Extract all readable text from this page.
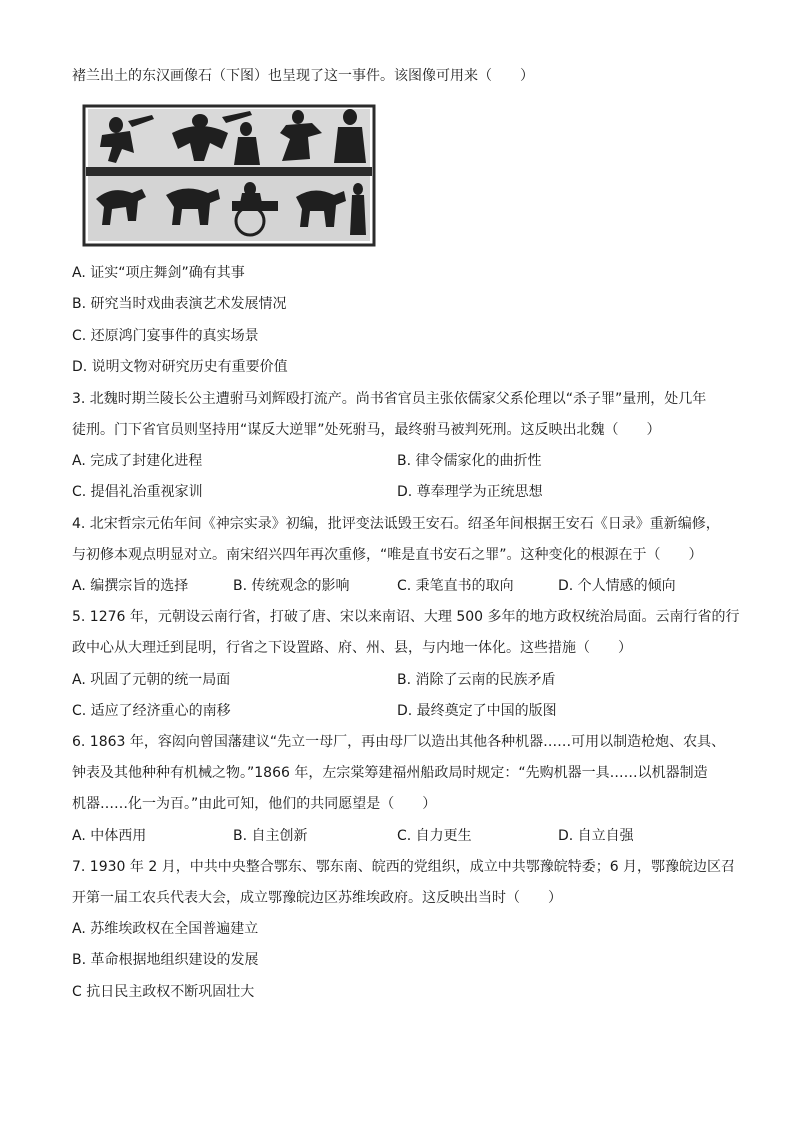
褚兰出土的东汉画像石（下图）也呈现了这一事件。该图像可用来（　　）
A. 证实“项庄舞剑”确有其事
B. 研究当时戏曲表演艺术发展情况
C. 还原鸿门宴事件的真实场景
D. 说明文物对研究历史有重要价值
3. 北魏时期兰陵长公主遭驸马刘辉殴打流产。尚书省官员主张依儒家父系伦理以“杀子罪”量刑，处几年
徒刑。门下省官员则坚持用“谋反大逆罪”处死驸马，最终驸马被判死刑。这反映出北魏（　　）
A. 完成了封建化进程	B. 律令儒家化的曲折性
C. 提倡礼治重视家训	D. 尊奉理学为正统思想
4. 北宋哲宗元佑年间《神宗实录》初编，批评变法诋毁王安石。绍圣年间根据王安石《日录》重新编修，
与初修本观点明显对立。南宋绍兴四年再次重修，“唯是直书安石之罪”。这种变化的根源在于（　　）
A. 编撰宗旨的选择	B. 传统观念的影响	C. 秉笔直书的取向	D. 个人情感的倾向
5. 1276 年，元朝设云南行省，打破了唐、宋以来南诏、大理 500 多年的地方政权统治局面。云南行省的行
政中心从大理迁到昆明，行省之下设置路、府、州、县，与内地一体化。这些措施（　　）
A. 巩固了元朝的统一局面	B. 消除了云南的民族矛盾
C. 适应了经济重心的南移	D. 最终奠定了中国的版图
6. 1863 年，容闳向曾国藩建议“先立一母厂，再由母厂以造出其他各种机器……可用以制造枪炮、农具、
钟表及其他种种有机械之物。”1866 年，左宗棠筹建福州船政局时规定：“先购机器一具……以机器制造
机器……化一为百。”由此可知，他们的共同愿望是（　　）
A. 中体西用	B. 自主创新	C. 自力更生	D. 自立自强
7. 1930 年 2 月，中共中央整合鄂东、鄂东南、皖西的党组织，成立中共鄂豫皖特委；6 月，鄂豫皖边区召
开第一届工农兵代表大会，成立鄂豫皖边区苏维埃政府。这反映出当时（　　）
A. 苏维埃政权在全国普遍建立
B. 革命根据地组织建设的发展
C 抗日民主政权不断巩固壮大
